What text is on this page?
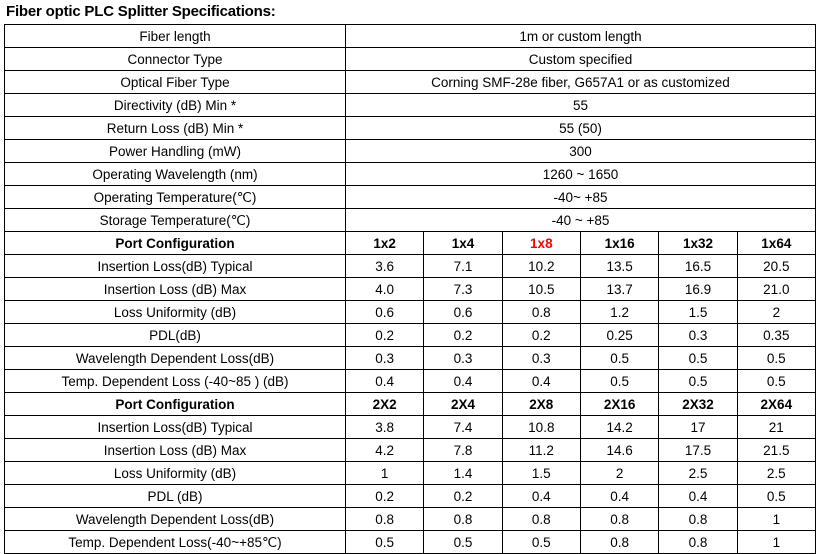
Fiber optic PLC Splitter Specifications:
Fiber length	1m or custom length					
Connector Type	Custom specified					
Optical Fiber Type	Corning SMF-28e fiber, G657A1 or as customized					
Directivity (dB) Min *	55					
Return Loss (dB) Min *	55 (50)					
Power Handling (mW)	300					
Operating Wavelength (nm)	1260 ~ 1650					
Operating Temperature(℃)	-40~ +85					
Storage Temperature(℃)	-40 ~ +85					
Port Configuration	1x2	1x4	1x8	1x16	1x32	1x64
Insertion Loss(dB) Typical	3.6	7.1	10.2	13.5	16.5	20.5
Insertion Loss (dB) Max	4.0	7.3	10.5	13.7	16.9	21.0
Loss Uniformity (dB)	0.6	0.6	0.8	1.2	1.5	2
PDL(dB)	0.2	0.2	0.2	0.25	0.3	0.35
Wavelength Dependent Loss(dB)	0.3	0.3	0.3	0.5	0.5	0.5
Temp. Dependent Loss (-40~85 ) (dB)	0.4	0.4	0.4	0.5	0.5	0.5
Port Configuration	2X2	2X4	2X8	2X16	2X32	2X64
Insertion Loss(dB) Typical	3.8	7.4	10.8	14.2	17	21
Insertion Loss (dB) Max	4.2	7.8	11.2	14.6	17.5	21.5
Loss Uniformity (dB)	1	1.4	1.5	2	2.5	2.5
PDL (dB)	0.2	0.2	0.4	0.4	0.4	0.5
Wavelength Dependent Loss(dB)	0.8	0.8	0.8	0.8	0.8	1
Temp. Dependent Loss(-40~+85℃)	0.5	0.5	0.5	0.8	0.8	1
